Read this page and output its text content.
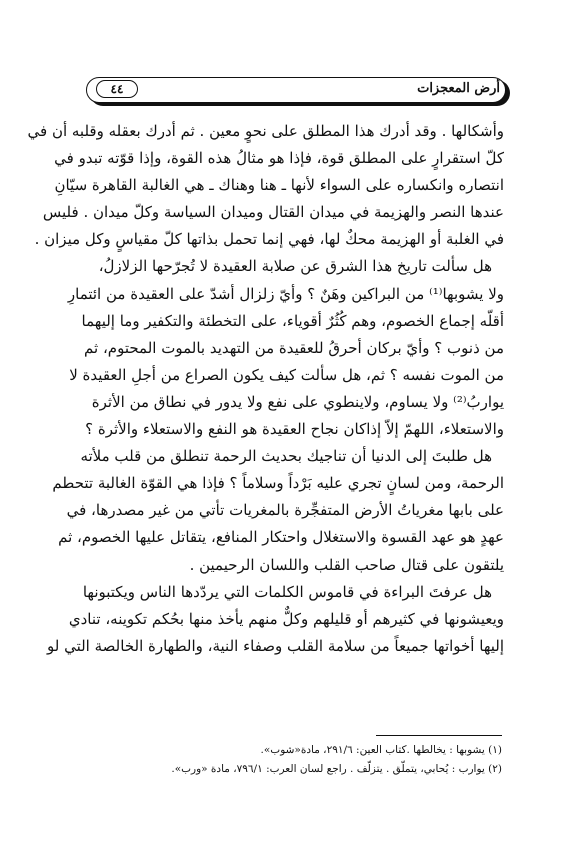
٤٤	أرض المعجزات
وأشكالها . وقد أدرك هذا المطلق على نحوٍ معين . ثم أدرك بعقله وقلبه أن في
كلّ استقرارٍ على المطلق قوة، فإذا هو مثالُ هذه القوة، وإذا قوّته تبدو في
انتصاره وانكساره على السواء لأنها ـ هنا وهناك ـ هي الغالبة القاهرة سيّانِ
عندها النصر والهزيمة في ميدان القتال وميدان السياسة وكلّ ميدان . فليس
في الغلبة أو الهزيمة محكٌ لها، فهي إنما تحمل بذاتها كلّ مقياسٍ وكل ميزان .
هل سألت تاريخ هذا الشرق عن صلابة العقيدة لا تُجرّحها الزلازلُ،
ولا يشوبها⁽¹⁾ من البراكين وهَنٌ ؟ وأيّ زلزال أشدّ على العقيدة من ائتمارِ
أقلّه إجماع الخصوم، وهم كُثُرٌ أقوياء، على التخطئة والتكفير وما إليهما
من ذنوب ؟ وأيّ بركان أحرقُ للعقيدة من التهديد بالموت المحتوم، ثم
من الموت نفسه ؟ ثم، هل سألت كيف يكون الصراع من أجلِ العقيدة لا
يواربُ⁽²⁾ ولا يساوم، ولاينطوي على نفع ولا يدور في نطاق من الأثرة
والاستعلاء، اللهمّ إلاّ إذاكان نجاح العقيدة هو النفع والاستعلاء والأثرة ؟
هل طلبتَ إلى الدنيا أن تناجيك بحديث الرحمة تنطلق من قلب ملأته
الرحمة، ومن لسانٍ تجري عليه بَرْداً وسلاماً ؟ فإذا هي القوّة الغالبة تتحطم
على بابها مغرياتُ الأرض المتفجِّرة بالمغريات تأتي من غير مصدرها، في
عهدٍ هو عهد القسوة والاستغلال واحتكار المنافع، يتقاتل عليها الخصوم، ثم
يلتقون على قتال صاحب القلب واللسان الرحيمين .
هل عرفتَ البراءة في قاموس الكلمات التي يردّدها الناس ويكتبونها
ويعيشونها في كثيرهم أو قليلهم وكلٌّ منهم يأخذ منها بحُكم تكوينه، تنادي
إليها أخواتها جميعاً من سلامة القلب وصفاء النية، والطهارة الخالصة التي لو
(١) يشوبها : يخالطها .كتاب العين: ٢٩١/٦، مادة«شوب».
(٢) يوارب : يُحابي، يتملّق . يتزلّف . راجع لسان العرب: ٧٩٦/١، مادة «ورب».
